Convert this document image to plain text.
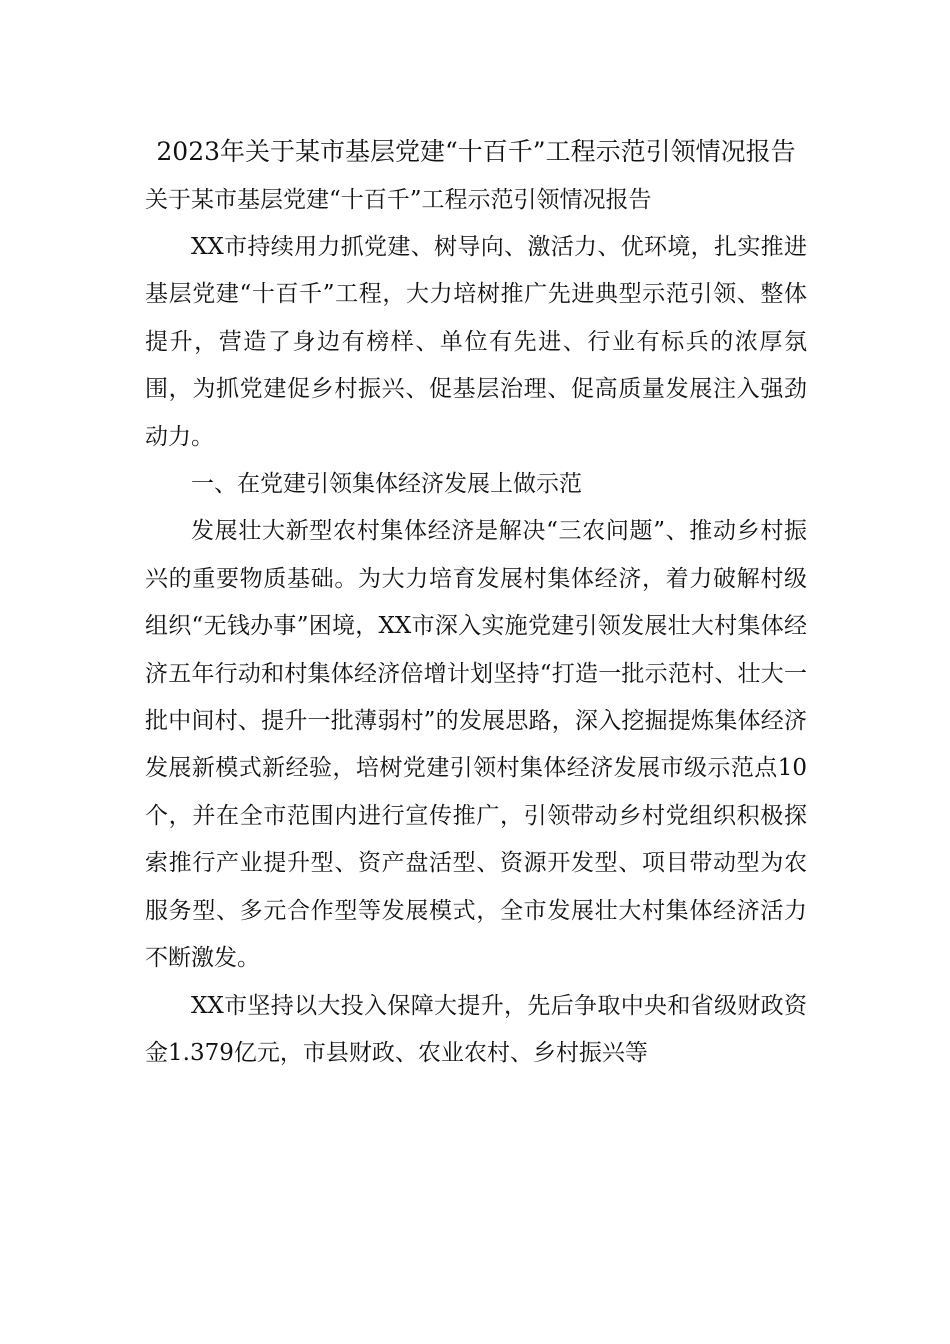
2023年关于某市基层党建“十百千”工程示范引领情况报告

关于某市基层党建“十百千”工程示范引领情况报告

XX市持续用力抓党建、树导向、激活力、优环境，扎实推进基层党建“十百千”工程，大力培树推广先进典型示范引领、整体提升，营造了身边有榜样、单位有先进、行业有标兵的浓厚氛围，为抓党建促乡村振兴、促基层治理、促高质量发展注入强劲动力。

一、在党建引领集体经济发展上做示范

发展壮大新型农村集体经济是解决“三农问题”、推动乡村振兴的重要物质基础。为大力培育发展村集体经济，着力破解村级组织“无钱办事”困境，XX市深入实施党建引领发展壮大村集体经济五年行动和村集体经济倍增计划坚持“打造一批示范村、壮大一批中间村、提升一批薄弱村”的发展思路，深入挖掘提炼集体经济发展新模式新经验，培树党建引领村集体经济发展市级示范点10个，并在全市范围内进行宣传推广，引领带动乡村党组织积极探索推行产业提升型、资产盘活型、资源开发型、项目带动型为农服务型、多元合作型等发展模式，全市发展壮大村集体经济活力不断激发。

XX市坚持以大投入保障大提升，先后争取中央和省级财政资金1.379亿元，市县财政、农业农村、乡村振兴等
